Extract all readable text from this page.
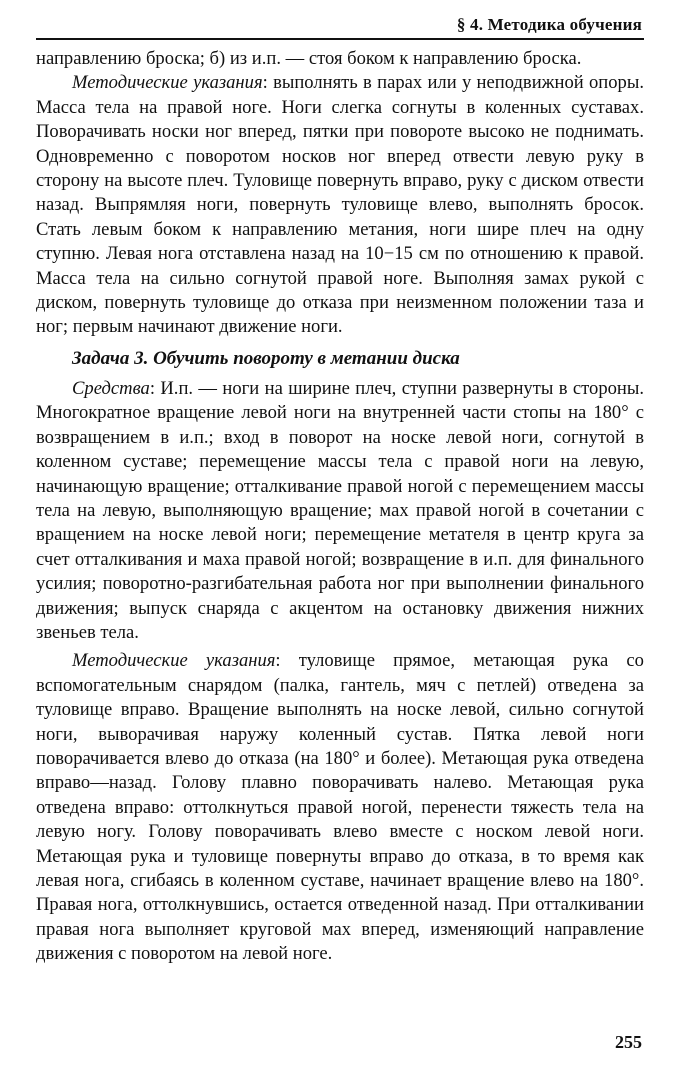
§ 4. Методика обучения

направлению броска; б) из и.п. — стоя боком к направлению броска.

Методические указания: выполнять в парах или у неподвижной опоры. Масса тела на правой ноге. Ноги слегка согнуты в коленных суставах. Поворачивать носки ног вперед, пятки при повороте высоко не поднимать. Одновременно с поворотом носков ног вперед отвести левую руку в сторону на высоте плеч. Туловище повернуть вправо, руку с диском отвести назад. Выпрямляя ноги, повернуть туловище влево, выполнять бросок. Стать левым боком к направлению метания, ноги шире плеч на одну ступню. Левая нога отставлена назад на 10−15 см по отношению к правой. Масса тела на сильно согнутой правой ноге. Выполняя замах рукой с диском, повернуть туловище до отказа при неизменном положении таза и ног; первым начинают движение ноги.

Задача 3. Обучить повороту в метании диска

Средства: И.п. — ноги на ширине плеч, ступни развернуты в стороны. Многократное вращение левой ноги на внутренней части стопы на 180° с возвращением в и.п.; вход в поворот на носке левой ноги, согнутой в коленном суставе; перемещение массы тела с правой ноги на левую, начинающую вращение; отталкивание правой ногой с перемещением массы тела на левую, выполняющую вращение; мах правой ногой в сочетании с вращением на носке левой ноги; перемещение метателя в центр круга за счет отталкивания и маха правой ногой; возвращение в и.п. для финального усилия; поворотно-разгибательная работа ног при выполнении финального движения; выпуск снаряда с акцентом на остановку движения нижних звеньев тела.

Методические указания: туловище прямое, метающая рука со вспомогательным снарядом (палка, гантель, мяч с петлей) отведена за туловище вправо. Вращение выполнять на носке левой, сильно согнутой ноги, выворачивая наружу коленный сустав. Пятка левой ноги поворачивается влево до отказа (на 180° и более). Метающая рука отведена вправо—назад. Голову плавно поворачивать налево. Метающая рука отведена вправо: оттолкнуться правой ногой, перенести тяжесть тела на левую ногу. Голову поворачивать влево вместе с носком левой ноги. Метающая рука и туловище повернуты вправо до отказа, в то время как левая нога, сгибаясь в коленном суставе, начинает вращение влево на 180°. Правая нога, оттолкнувшись, остается отведенной назад. При отталкивании правая нога выполняет круговой мах вперед, изменяющий направление движения с поворотом на левой ноге.

255
